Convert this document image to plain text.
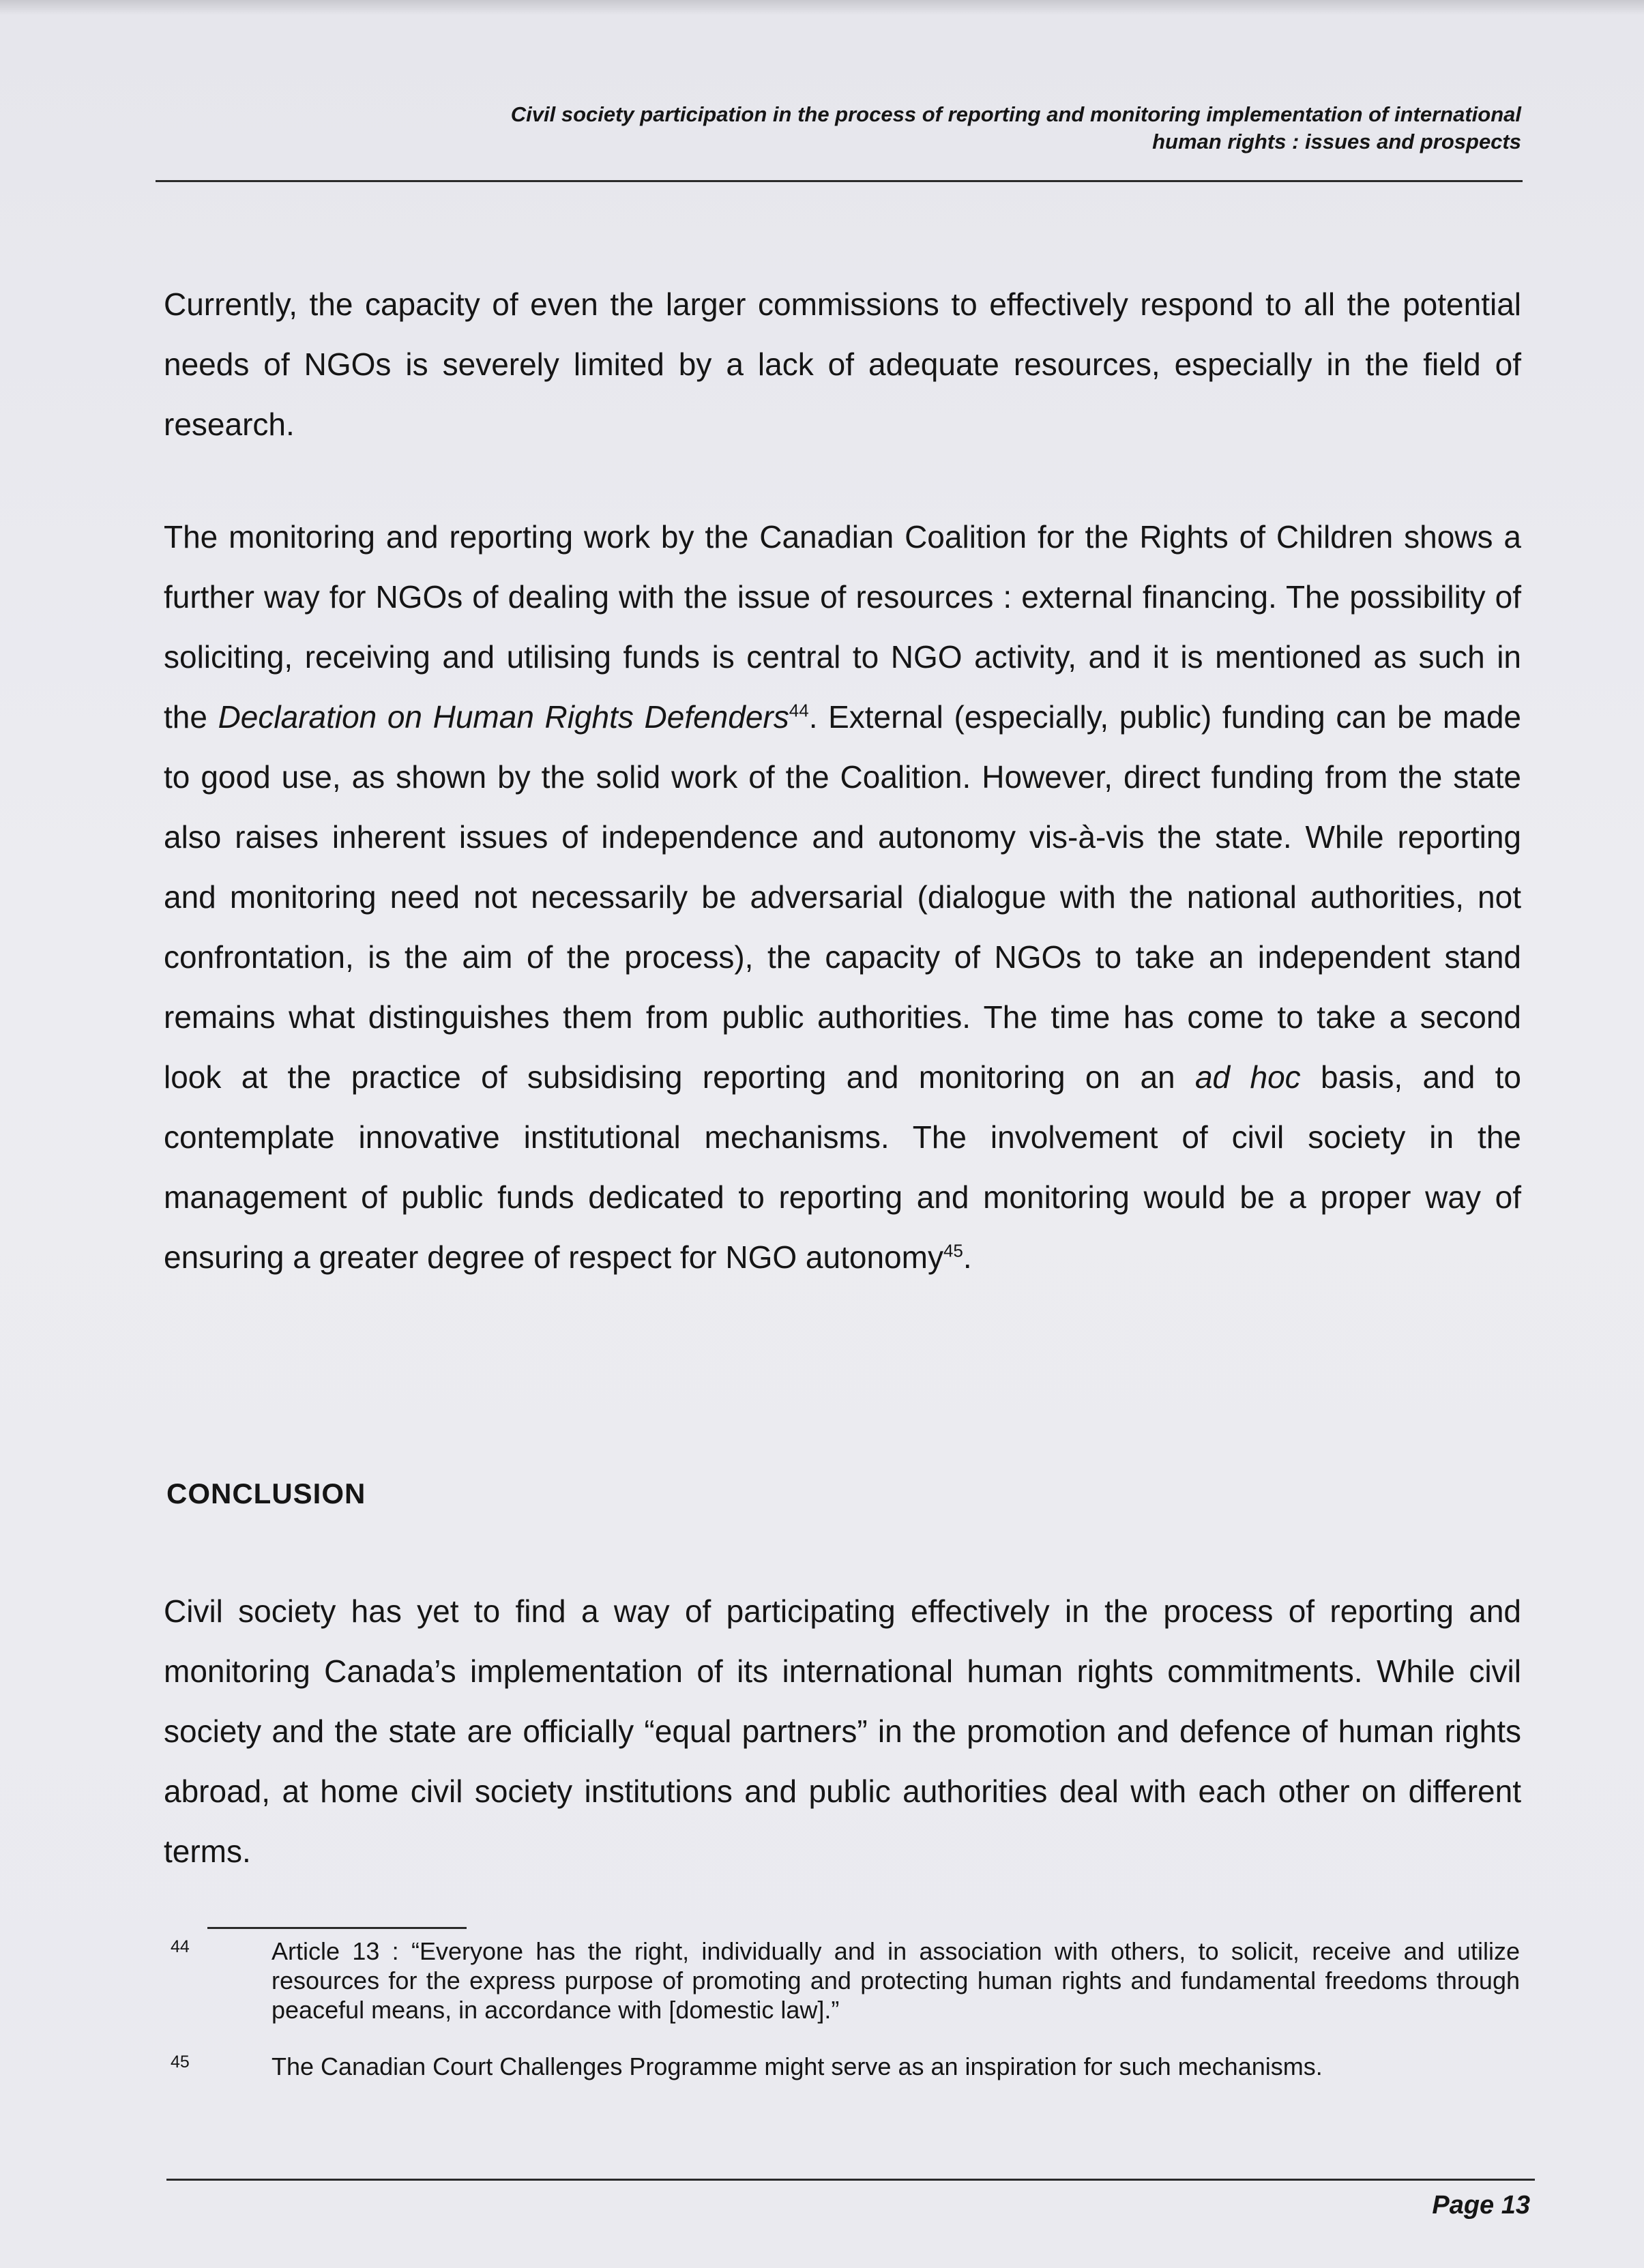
Civil society participation in the process of reporting and monitoring implementation of international
human rights : issues and prospects

Currently, the capacity of even the larger commissions to effectively respond to all the potential needs of NGOs is severely limited by a lack of adequate resources, especially in the field of research.

The monitoring and reporting work by the Canadian Coalition for the Rights of Children shows a further way for NGOs of dealing with the issue of resources : external financing. The possibility of soliciting, receiving and utilising funds is central to NGO activity, and it is mentioned as such in the Declaration on Human Rights Defenders$^{44}$. External (especially, public) funding can be made to good use, as shown by the solid work of the Coalition. However, direct funding from the state also raises inherent issues of independence and autonomy vis-à-vis the state. While reporting and monitoring need not necessarily be adversarial (dialogue with the national authorities, not confrontation, is the aim of the process), the capacity of NGOs to take an independent stand remains what distinguishes them from public authorities. The time has come to take a second look at the practice of subsidising reporting and monitoring on an ad hoc basis, and to contemplate innovative institutional mechanisms. The involvement of civil society in the management of public funds dedicated to reporting and monitoring would be a proper way of ensuring a greater degree of respect for NGO autonomy$^{45}$.

CONCLUSION

Civil society has yet to find a way of participating effectively in the process of reporting and monitoring Canada’s implementation of its international human rights commitments. While civil society and the state are officially “equal partners” in the promotion and defence of human rights abroad, at home civil society institutions and public authorities deal with each other on different terms.

44	Article 13 : “Everyone has the right, individually and in association with others, to solicit, receive and utilize resources for the express purpose of promoting and protecting human rights and fundamental freedoms through peaceful means, in accordance with [domestic law].”
45	The Canadian Court Challenges Programme might serve as an inspiration for such mechanisms.
Page 13
